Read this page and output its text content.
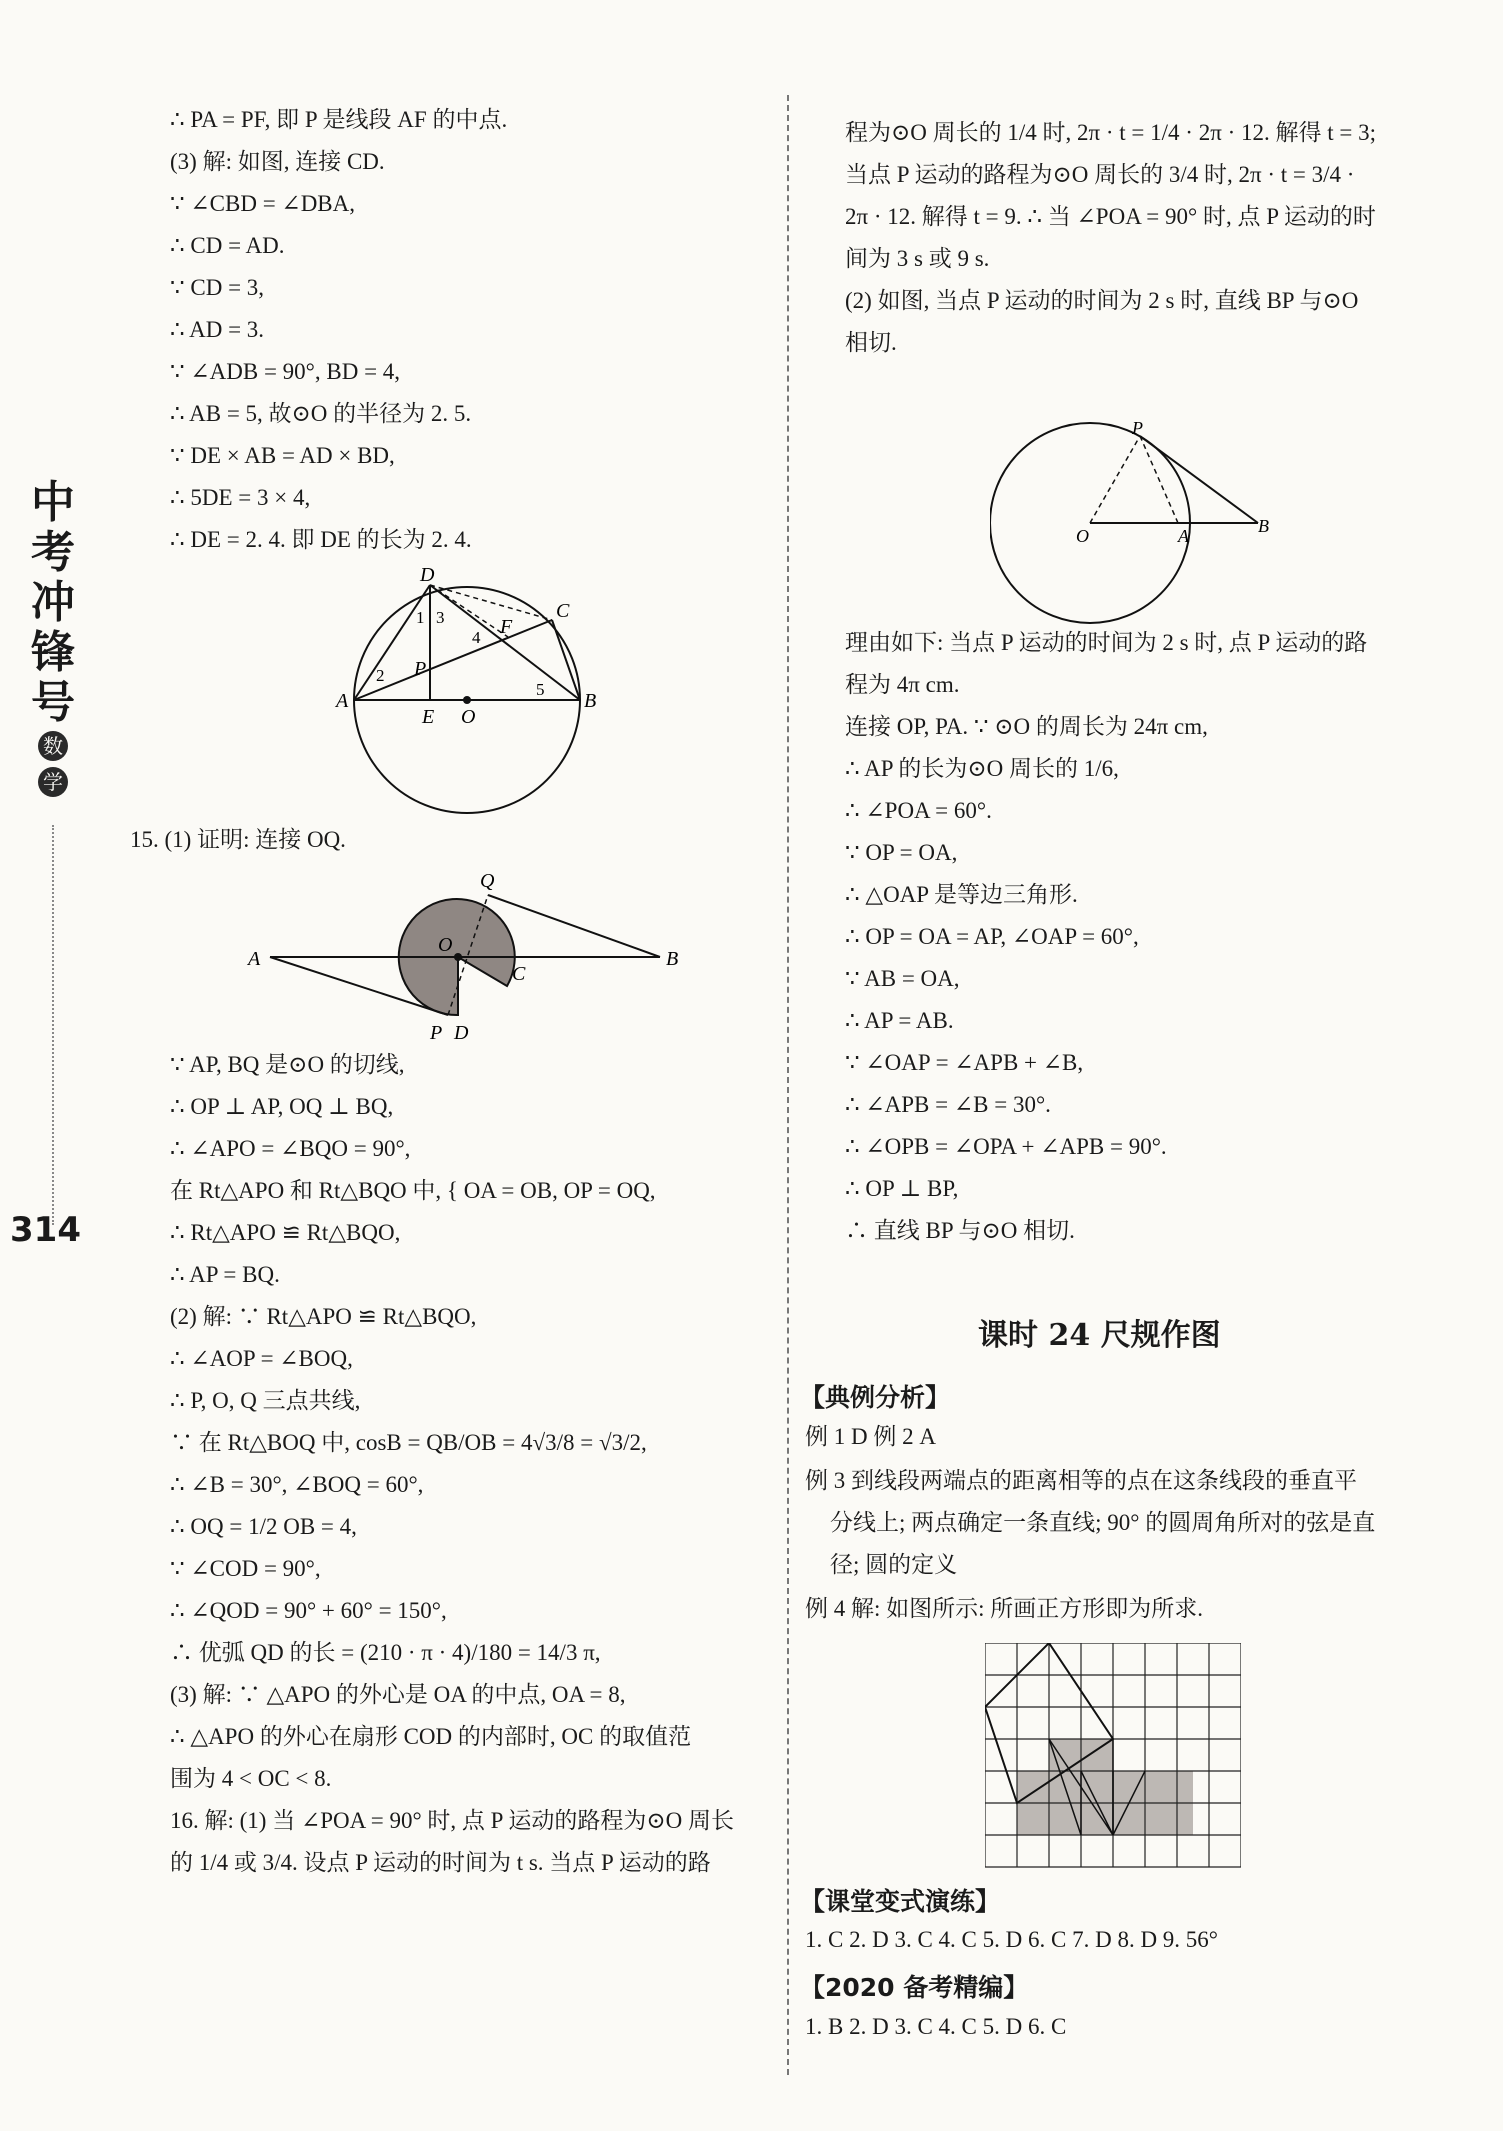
中
考
冲
锋
号
数 学
314
∴ PA = PF, 即 P 是线段 AF 的中点.
(3) 解: 如图, 连接 CD.
∵ ∠CBD = ∠DBA,
∴ CD = AD.
∵ CD = 3,
∴ AD = 3.
∵ ∠ADB = 90°, BD = 4,
∴ AB = 5, 故⊙O 的半径为 2. 5.
∵ DE × AB = AD × BD,
∴ 5DE = 3 × 4,
∴ DE = 2. 4. 即 DE 的长为 2. 4.
15. (1) 证明: 连接 OQ.
∵ AP, BQ 是⊙O 的切线,
∴ OP ⊥ AP, OQ ⊥ BQ,
∴ ∠APO = ∠BQO = 90°,
在 Rt△APO 和 Rt△BQO 中, { OA = OB, OP = OQ,
∴ Rt△APO ≌ Rt△BQO,
∴ AP = BQ.
(2) 解: ∵ Rt△APO ≌ Rt△BQO,
∴ ∠AOP = ∠BOQ,
∴ P, O, Q 三点共线,
∵ 在 Rt△BOQ 中, cosB = QB/OB = 4√3/8 = √3/2,
∴ ∠B = 30°, ∠BOQ = 60°,
∴ OQ = 1/2 OB = 4,
∵ ∠COD = 90°,
∴ ∠QOD = 90° + 60° = 150°,
∴ 优弧 QD 的长 = (210 · π · 4)/180 = 14/3 π,
(3) 解: ∵ △APO 的外心是 OA 的中点, OA = 8,
∴ △APO 的外心在扇形 COD 的内部时, OC 的取值范
围为 4 < OC < 8.
16. 解: (1) 当 ∠POA = 90° 时, 点 P 运动的路程为⊙O 周长
的 1/4 或 3/4. 设点 P 运动的时间为 t s. 当点 P 运动的路
程为⊙O 周长的 1/4 时, 2π · t = 1/4 · 2π · 12. 解得 t = 3;
当点 P 运动的路程为⊙O 周长的 3/4 时, 2π · t = 3/4 ·
2π · 12. 解得 t = 9. ∴ 当 ∠POA = 90° 时, 点 P 运动的时
间为 3 s 或 9 s.
(2) 如图, 当点 P 运动的时间为 2 s 时, 直线 BP 与⊙O
相切.
理由如下: 当点 P 运动的时间为 2 s 时, 点 P 运动的路
程为 4π cm.
连接 OP, PA. ∵ ⊙O 的周长为 24π cm,
∴ AP 的长为⊙O 周长的 1/6,
∴ ∠POA = 60°.
∵ OP = OA,
∴ △OAP 是等边三角形.
∴ OP = OA = AP, ∠OAP = 60°,
∵ AB = OA,
∴ AP = AB.
∵ ∠OAP = ∠APB + ∠B,
∴ ∠APB = ∠B = 30°.
∴ ∠OPB = ∠OPA + ∠APB = 90°.
∴ OP ⊥ BP,
∴ 直线 BP 与⊙O 相切.
D
C
A	B
E O
P
F
1
2
3
4
5
A	B
O
Q
C
P D
P
O	A	B
课时 24 尺规作图
【典例分析】
例 1 D 例 2 A
例 3 到线段两端点的距离相等的点在这条线段的垂直平
分线上; 两点确定一条直线; 90° 的圆周角所对的弦是直
径; 圆的定义
例 4 解: 如图所示: 所画正方形即为所求.
【课堂变式演练】
1. C 2. D 3. C 4. C 5. D 6. C 7. D 8. D 9. 56°
【2020 备考精编】
1. B 2. D 3. C 4. C 5. D 6. C
